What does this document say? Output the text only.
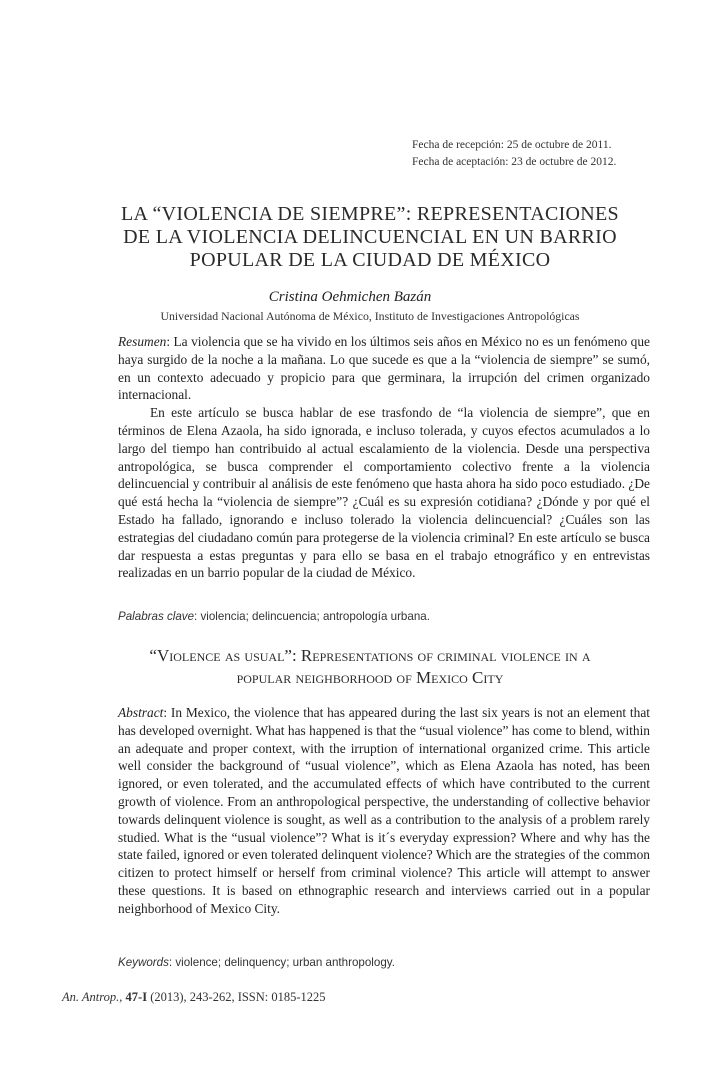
Fecha de recepción: 25 de octubre de 2011.
Fecha de aceptación: 23 de octubre de 2012.
LA “VIOLENCIA DE SIEMPRE”: REPRESENTACIONES
DE LA VIOLENCIA DELINCUENCIAL EN UN BARRIO
POPULAR DE LA CIUDAD DE MÉXICO
Cristina Oehmichen Bazán
Universidad Nacional Autónoma de México, Instituto de Investigaciones Antropológicas

Resumen: La violencia que se ha vivido en los últimos seis años en México no es un fenómeno que haya surgido de la noche a la mañana. Lo que sucede es que a la “violencia de siempre” se sumó, en un contexto adecuado y propicio para que germinara, la irrupción del crimen organizado internacional.

En este artículo se busca hablar de ese trasfondo de “la violencia de siempre”, que en términos de Elena Azaola, ha sido ignorada, e incluso tolerada, y cuyos efectos acumulados a lo largo del tiempo han contribuido al actual escalamiento de la violencia. Desde una perspectiva antropológica, se busca comprender el comportamiento colectivo frente a la violencia delincuencial y contribuir al análisis de este fenómeno que hasta ahora ha sido poco estudiado. ¿De qué está hecha la “violencia de siempre”? ¿Cuál es su expresión cotidiana? ¿Dónde y por qué el Estado ha fallado, ignorando e incluso tolerado la violencia delincuencial? ¿Cuáles son las estrategias del ciudadano común para protegerse de la violencia criminal? En este artículo se busca dar respuesta a estas preguntas y para ello se basa en el trabajo etnográfico y en entrevistas realizadas en un barrio popular de la ciudad de México.

Palabras clave: violencia; delincuencia; antropología urbana.
“Violence as usual”: Representations of criminal violence in a
popular neighborhood of Mexico City

Abstract: In Mexico, the violence that has appeared during the last six years is not an element that has developed overnight. What has happened is that the “usual violence” has come to blend, within an adequate and proper context, with the irruption of international organized crime. This article well consider the background of “usual violence”, which as Elena Azaola has noted, has been ignored, or even tolerated, and the accumulated effects of which have contributed to the current growth of violence. From an anthropological perspective, the understanding of collective behavior towards delinquent violence is sought, as well as a contribution to the analysis of a problem rarely studied. What is the “usual violence”? What is it´s everyday expression? Where and why has the state failed, ignored or even tolerated delinquent violence? Which are the strategies of the common citizen to protect himself or herself from criminal violence? This article will attempt to answer these questions. It is based on ethnographic research and interviews carried out in a popular neighborhood of Mexico City.

Keywords: violence; delinquency; urban anthropology.
An. Antrop., 47-I (2013), 243-262, ISSN: 0185-1225
